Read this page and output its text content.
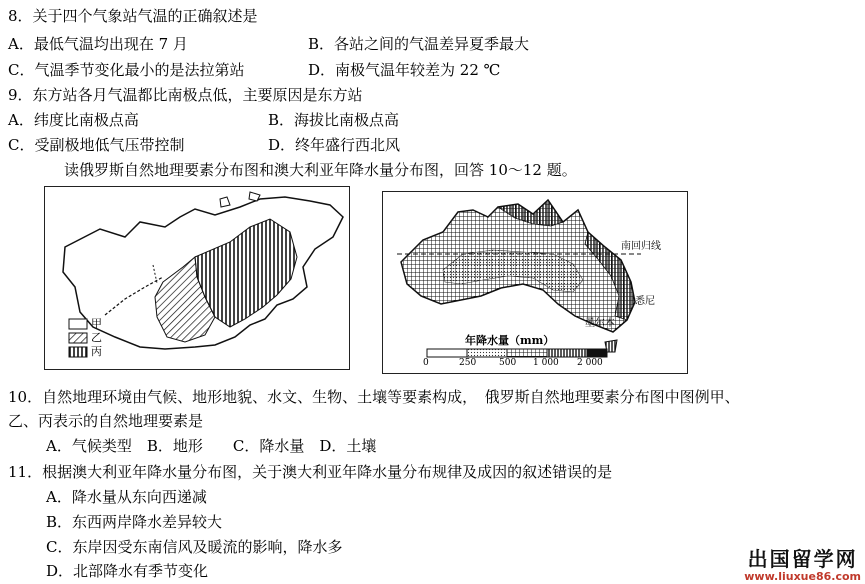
8．关于四个气象站气温的正确叙述是
A．最低气温均出现在 7 月	B．各站之间的气温差异夏季最大
C．气温季节变化最小的是法拉第站	D．南极气温年较差为 22 ℃
9．东方站各月气温都比南极点低，主要原因是东方站
A．纬度比南极点高	B．海拔比南极点高
C．受副极地低气压带控制	D．终年盛行西北风
读俄罗斯自然地理要素分布图和澳大利亚年降水量分布图，回答 10～12 题。
甲
乙
丙
南回归线
悉尼
墨尔本
年降水量（mm）
0	250	500 1 000 2 000
10．自然地理环境由气候、地形地貌、水文、生物、土壤等要素构成，　俄罗斯自然地理要素分布图中图例甲、
乙、丙表示的自然地理要素是
A．气候类型　B．地形　　C．降水量　D．土壤
11．根据澳大利亚年降水量分布图，关于澳大利亚年降水量分布规律及成因的叙述错误的是
A．降水量从东向西递减
B．东西两岸降水差异较大
C．东岸因受东南信风及暖流的影响，降水多
D．北部降水有季节变化	出国留学网
www.liuxue86.com
